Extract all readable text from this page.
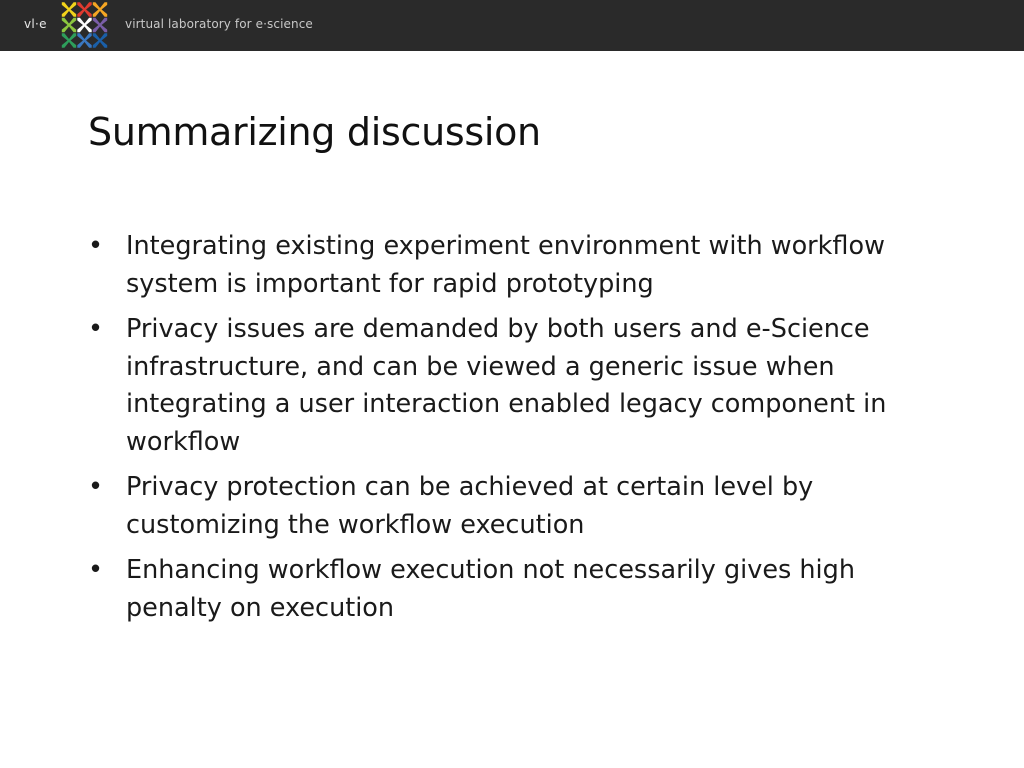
vl·e	virtual laboratory for e·science
Summarizing discussion
• Integrating existing experiment environment with workflow system is important for rapid prototyping
• Privacy issues are demanded by both users and e-Science infrastructure, and can be viewed a generic issue when integrating a user interaction enabled legacy component in workflow
• Privacy protection can be achieved at certain level by customizing the workflow execution
• Enhancing workflow execution not necessarily gives high penalty on execution
